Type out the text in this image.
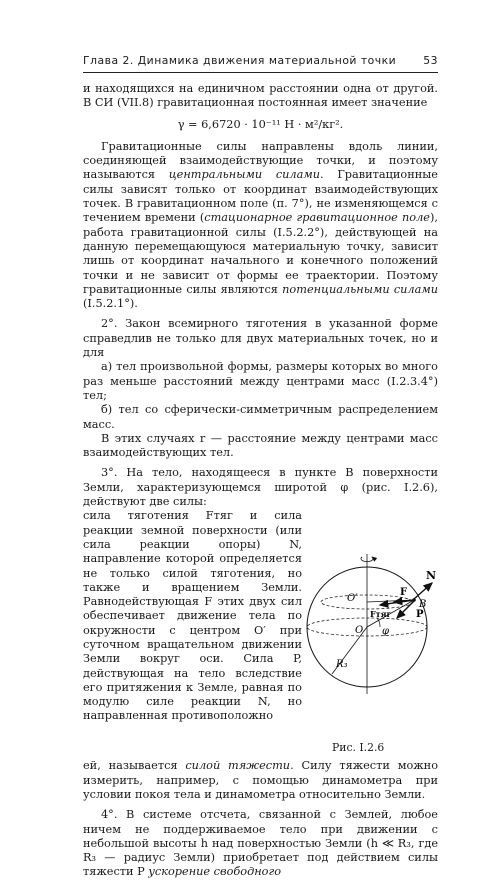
Глава 2. Динамика движения материальной точки	53

и находящихся на единичном расстоянии одна от другой. В СИ (VII.8) гравитационная постоянная имеет значение

γ = 6,6720 · 10⁻¹¹ Н · м²/кг².

Гравитационные силы направлены вдоль линии, соединяющей взаимодействующие точки, и поэтому называются центральными силами. Гравитационные силы зависят только от координат взаимодействующих точек. В гравитационном поле (п. 7°), не изменяющемся с течением времени (стационарное гравитационное поле), работа гравитационной силы (I.5.2.2°), действующей на данную перемещающуюся материальную точку, зависит лишь от координат начального и конечного положений точки и не зависит от формы ее траектории. Поэтому гравитационные силы являются потенциальными силами (I.5.2.1°).

2°. Закон всемирного тяготения в указанной форме справедлив не только для двух материальных точек, но и для

а) тел произвольной формы, размеры которых во много раз меньше расстояний между центрами масс (I.2.3.4°) тел;

б) тел со сферически-симметричным распределением масс.

В этих случаях r — расстояние между центрами масс взаимодействующих тел.

3°. На тело, находящееся в пункте B поверхности Земли, характеризующемся широтой φ (рис. I.2.6), действуют две силы:

сила тяготения Fтяг и сила реакции земной поверхности (или сила реакции опоры) N, направление которой определяется не только силой тяготения, но также и вращением Земли. Равнодействующая F этих двух сил обеспечивает движение тела по окружности с центром O′ при суточном вращательном движении Земли вокруг оси. Сила P, действующая на тело вследствие его притяжения к Земле, равная по модулю силе реакции N, но направленная противоположно

N
B
F
P
Fтяг
O′
O φ
R₃
Рис. I.2.6

ей, называется силой тяжести. Силу тяжести можно измерить, например, с помощью динамометра при условии покоя тела и динамометра относительно Земли.

4°. В системе отсчета, связанной с Землей, любое ничем не поддерживаемое тело при движении с небольшой высоты h над поверхностью Земли (h ≪ R₃, где R₃ — радиус Земли) приобретает под действием силы тяжести P ускорение свободного
